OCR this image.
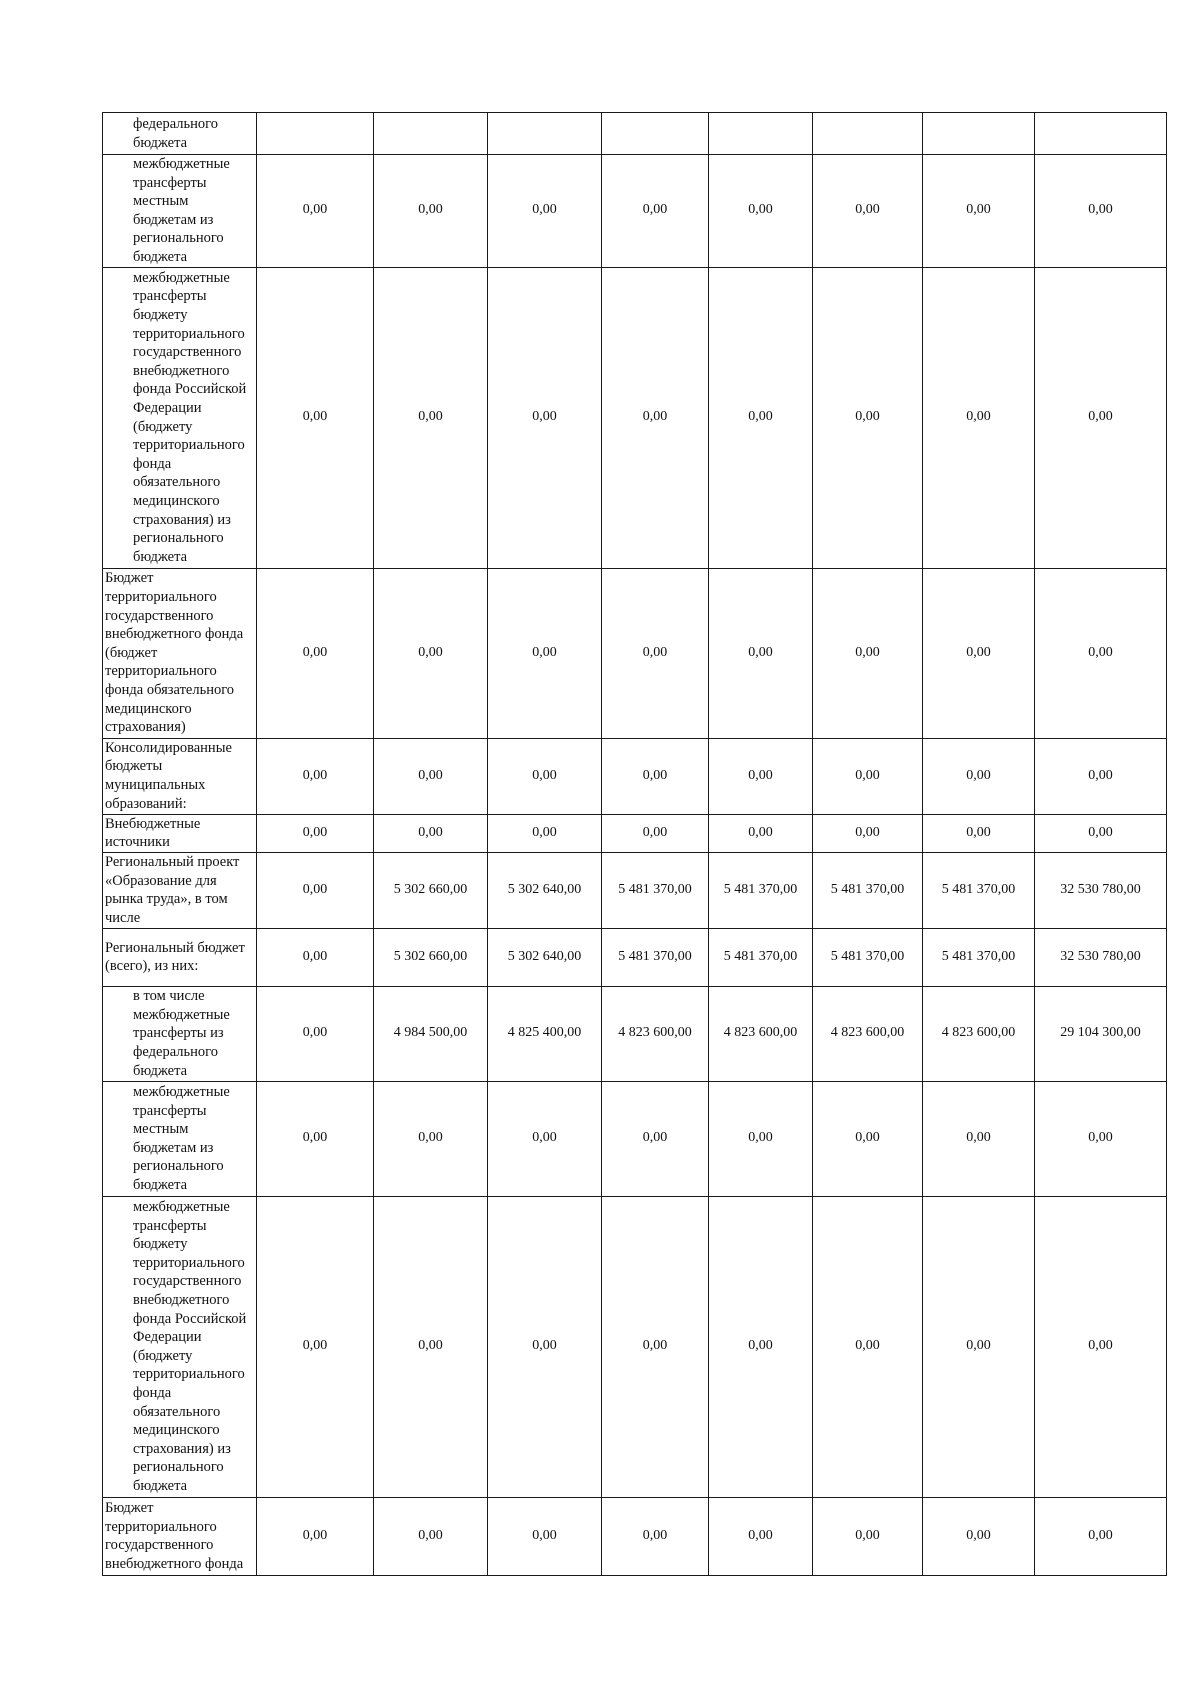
федерального бюджета								
межбюджетные трансферты местным бюджетам из регионального бюджета	0,00	0,00	0,00	0,00	0,00	0,00	0,00	0,00
межбюджетные трансферты бюджету территориального государственного внебюджетного фонда Российской Федерации (бюджету территориального фонда обязательного медицинского страхования) из регионального бюджета	0,00	0,00	0,00	0,00	0,00	0,00	0,00	0,00
Бюджет территориального государственного внебюджетного фонда (бюджет территориального фонда обязательного медицинского страхования)	0,00	0,00	0,00	0,00	0,00	0,00	0,00	0,00
Консолидированные бюджеты муниципальных образований:	0,00	0,00	0,00	0,00	0,00	0,00	0,00	0,00
Внебюджетные источники	0,00	0,00	0,00	0,00	0,00	0,00	0,00	0,00
Региональный проект «Образование для рынка труда», в том числе	0,00	5 302 660,00	5 302 640,00	5 481 370,00	5 481 370,00	5 481 370,00	5 481 370,00	32 530 780,00
Региональный бюджет (всего), из них:	0,00	5 302 660,00	5 302 640,00	5 481 370,00	5 481 370,00	5 481 370,00	5 481 370,00	32 530 780,00
в том числе межбюджетные трансферты из федерального бюджета	0,00	4 984 500,00	4 825 400,00	4 823 600,00	4 823 600,00	4 823 600,00	4 823 600,00	29 104 300,00
межбюджетные трансферты местным бюджетам из регионального бюджета	0,00	0,00	0,00	0,00	0,00	0,00	0,00	0,00
межбюджетные трансферты бюджету территориального государственного внебюджетного фонда Российской Федерации (бюджету территориального фонда обязательного медицинского страхования) из регионального бюджета	0,00	0,00	0,00	0,00	0,00	0,00	0,00	0,00
Бюджет территориального государственного внебюджетного фонда	0,00	0,00	0,00	0,00	0,00	0,00	0,00	0,00
